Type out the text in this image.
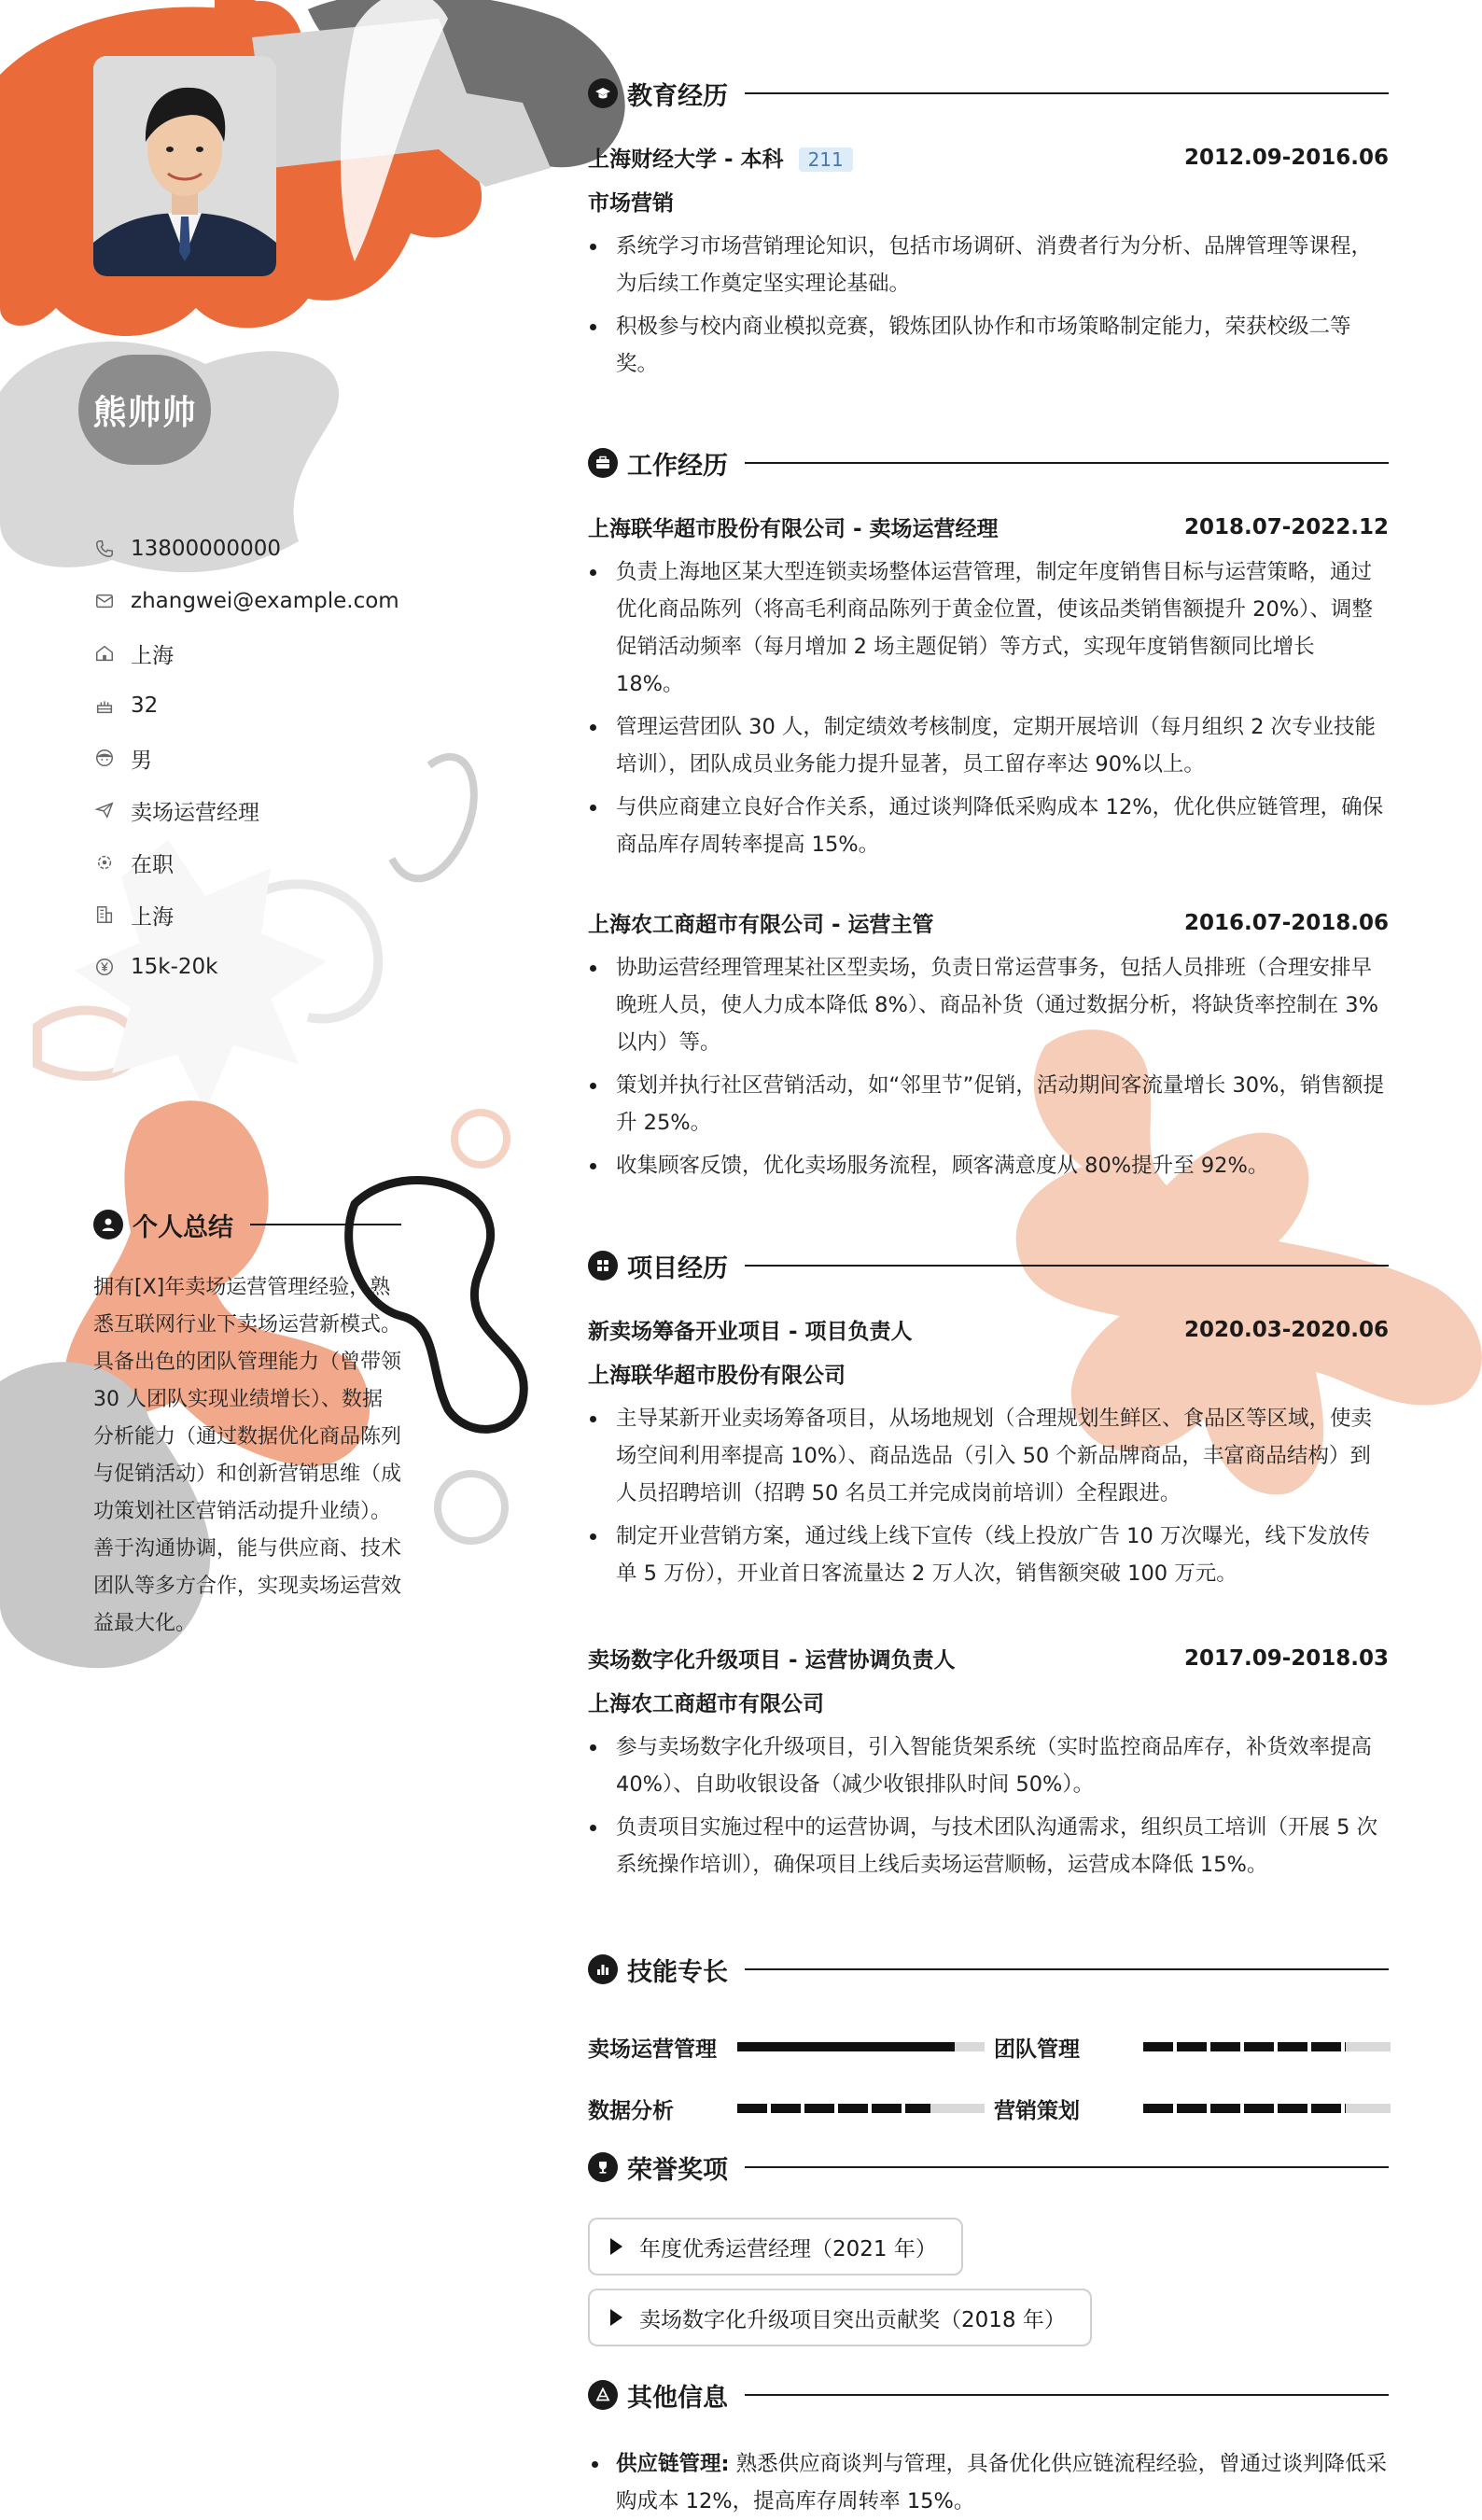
熊帅帅
13800000000
zhangwei@example.com
上海
32
男
卖场运营经理
在职
上海
15k-20k
个人总结
拥有[X]年卖场运营管理经验，熟悉互联网行业下卖场运营新模式。具备出色的团队管理能力（曾带领 30 人团队实现业绩增长）、数据分析能力（通过数据优化商品陈列与促销活动）和创新营销思维（成功策划社区营销活动提升业绩）。善于沟通协调，能与供应商、技术团队等多方合作，实现卖场运营效益最大化。
教育经历
上海财经大学 - 本科 211	2012.09-2016.06
市场营销
系统学习市场营销理论知识，包括市场调研、消费者行为分析、品牌管理等课程，为后续工作奠定坚实理论基础。
积极参与校内商业模拟竞赛，锻炼团队协作和市场策略制定能力，荣获校级二等奖。
工作经历
上海联华超市股份有限公司 - 卖场运营经理	2018.07-2022.12
负责上海地区某大型连锁卖场整体运营管理，制定年度销售目标与运营策略，通过优化商品陈列（将高毛利商品陈列于黄金位置，使该品类销售额提升 20%）、调整促销活动频率（每月增加 2 场主题促销）等方式，实现年度销售额同比增长 18%。
管理运营团队 30 人，制定绩效考核制度，定期开展培训（每月组织 2 次专业技能培训），团队成员业务能力提升显著，员工留存率达 90%以上。
与供应商建立良好合作关系，通过谈判降低采购成本 12%，优化供应链管理，确保商品库存周转率提高 15%。
上海农工商超市有限公司 - 运营主管	2016.07-2018.06
协助运营经理管理某社区型卖场，负责日常运营事务，包括人员排班（合理安排早晚班人员，使人力成本降低 8%）、商品补货（通过数据分析，将缺货率控制在 3%以内）等。
策划并执行社区营销活动，如“邻里节”促销，活动期间客流量增长 30%，销售额提升 25%。
收集顾客反馈，优化卖场服务流程，顾客满意度从 80%提升至 92%。
项目经历
新卖场筹备开业项目 - 项目负责人	2020.03-2020.06
上海联华超市股份有限公司
主导某新开业卖场筹备项目，从场地规划（合理规划生鲜区、食品区等区域，使卖场空间利用率提高 10%）、商品选品（引入 50 个新品牌商品，丰富商品结构）到人员招聘培训（招聘 50 名员工并完成岗前培训）全程跟进。
制定开业营销方案，通过线上线下宣传（线上投放广告 10 万次曝光，线下发放传单 5 万份），开业首日客流量达 2 万人次，销售额突破 100 万元。
卖场数字化升级项目 - 运营协调负责人	2017.09-2018.03
上海农工商超市有限公司
参与卖场数字化升级项目，引入智能货架系统（实时监控商品库存，补货效率提高 40%）、自助收银设备（减少收银排队时间 50%）。
负责项目实施过程中的运营协调，与技术团队沟通需求，组织员工培训（开展 5 次系统操作培训），确保项目上线后卖场运营顺畅，运营成本降低 15%。
技能专长
卖场运营管理	团队管理
数据分析	营销策划
荣誉奖项
年度优秀运营经理（2021 年）
卖场数字化升级项目突出贡献奖（2018 年）
其他信息
供应链管理: 熟悉供应商谈判与管理，具备优化供应链流程经验，曾通过谈判降低采购成本 12%，提高库存周转率 15%。
